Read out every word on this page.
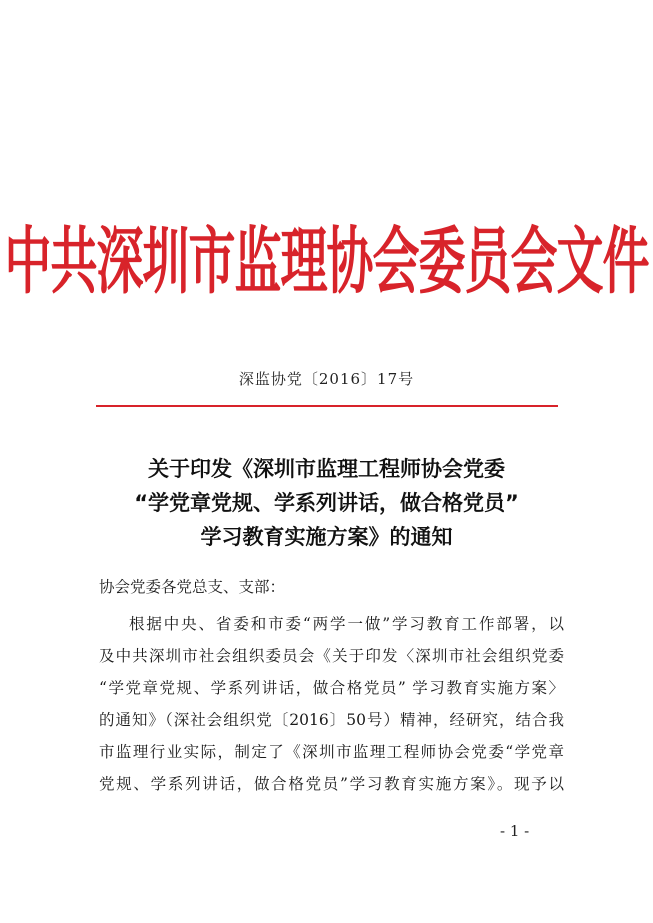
中共深圳市监理协会委员会文件
深监协党〔2016〕17号
关于印发《深圳市监理工程师协会党委
“学党章党规、学系列讲话，做合格党员”
学习教育实施方案》的通知
协会党委各党总支、支部：
根据中央、省委和市委“两学一做”学习教育工作部署，以
及中共深圳市社会组织委员会《关于印发〈深圳市社会组织党委
“学党章党规、学系列讲话，做合格党员” 学习教育实施方案〉
的通知》（深社会组织党〔2016〕50号）精神，经研究，结合我
市监理行业实际，制定了《深圳市监理工程师协会党委“学党章
党规、学系列讲话，做合格党员”学习教育实施方案》。现予以
- 1 -
